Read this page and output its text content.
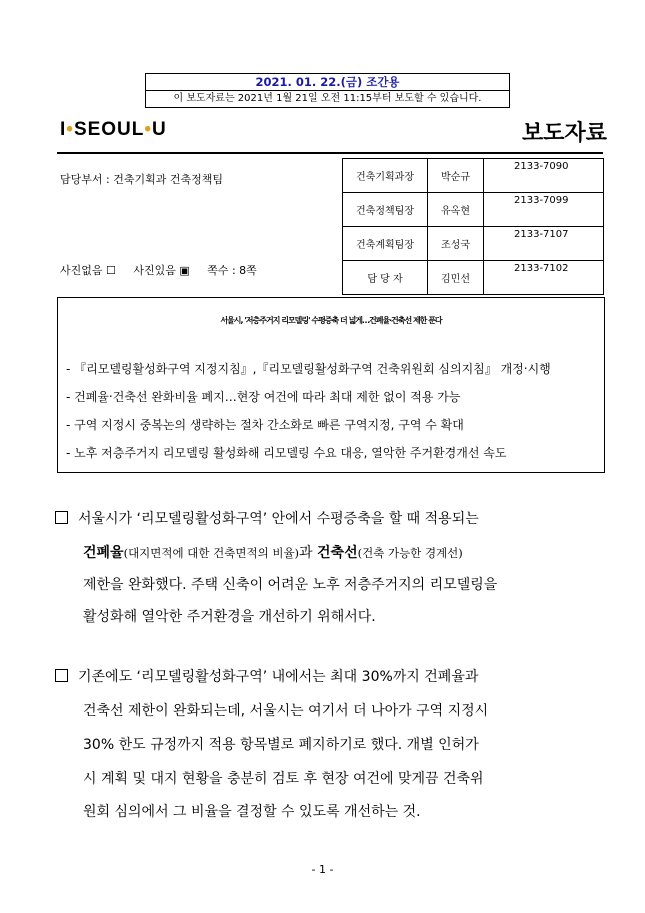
2021. 01. 22.(금) 조간용
이 보도자료는 2021년 1월 21일 오전 11:15부터 보도할 수 있습니다.
I•SEOUL•U	보도자료
담당부서 : 건축기획과 건축정책팀
사진없음 ☐     사진있음 ▣     쪽수 : 8쪽
건축기획과장	박순규	2133-7090
건축정책팀장	유옥현	2133-7099
건축계획팀장	조성국	2133-7107
담 당 자	김민선	2133-7102
서울시, '저층주거지 리모델링' 수평증축 더 넓게…건폐율‧건축선 제한 푼다
- 『리모델링활성화구역 지정지침』,『리모델링활성화구역 건축위원회 심의지침』 개정‧시행
- 건폐율‧건축선 완화비율 폐지…현장 여건에 따라 최대 제한 없이 적용 가능
- 구역 지정시 중복논의 생략하는 절차 간소화로 빠른 구역지정, 구역 수 확대
- 노후 저층주거지 리모델링 활성화해 리모델링 수요 대응, 열악한 주거환경개선 속도
서울시가 ‘리모델링활성화구역’ 안에서 수평증축을 할 때 적용되는
건폐율(대지면적에 대한 건축면적의 비율)과 건축선(건축 가능한 경계선)
제한을 완화했다. 주택 신축이 어려운 노후 저층주거지의 리모델링을
활성화해 열악한 주거환경을 개선하기 위해서다.
기존에도 ‘리모델링활성화구역’ 내에서는 최대 30%까지 건폐율과
건축선 제한이 완화되는데, 서울시는 여기서 더 나아가 구역 지정시
30% 한도 규정까지 적용 항목별로 폐지하기로 했다. 개별 인허가
시 계획 및 대지 현황을 충분히 검토 후 현장 여건에 맞게끔 건축위
원회 심의에서 그 비율을 결정할 수 있도록 개선하는 것.
- 1 -
